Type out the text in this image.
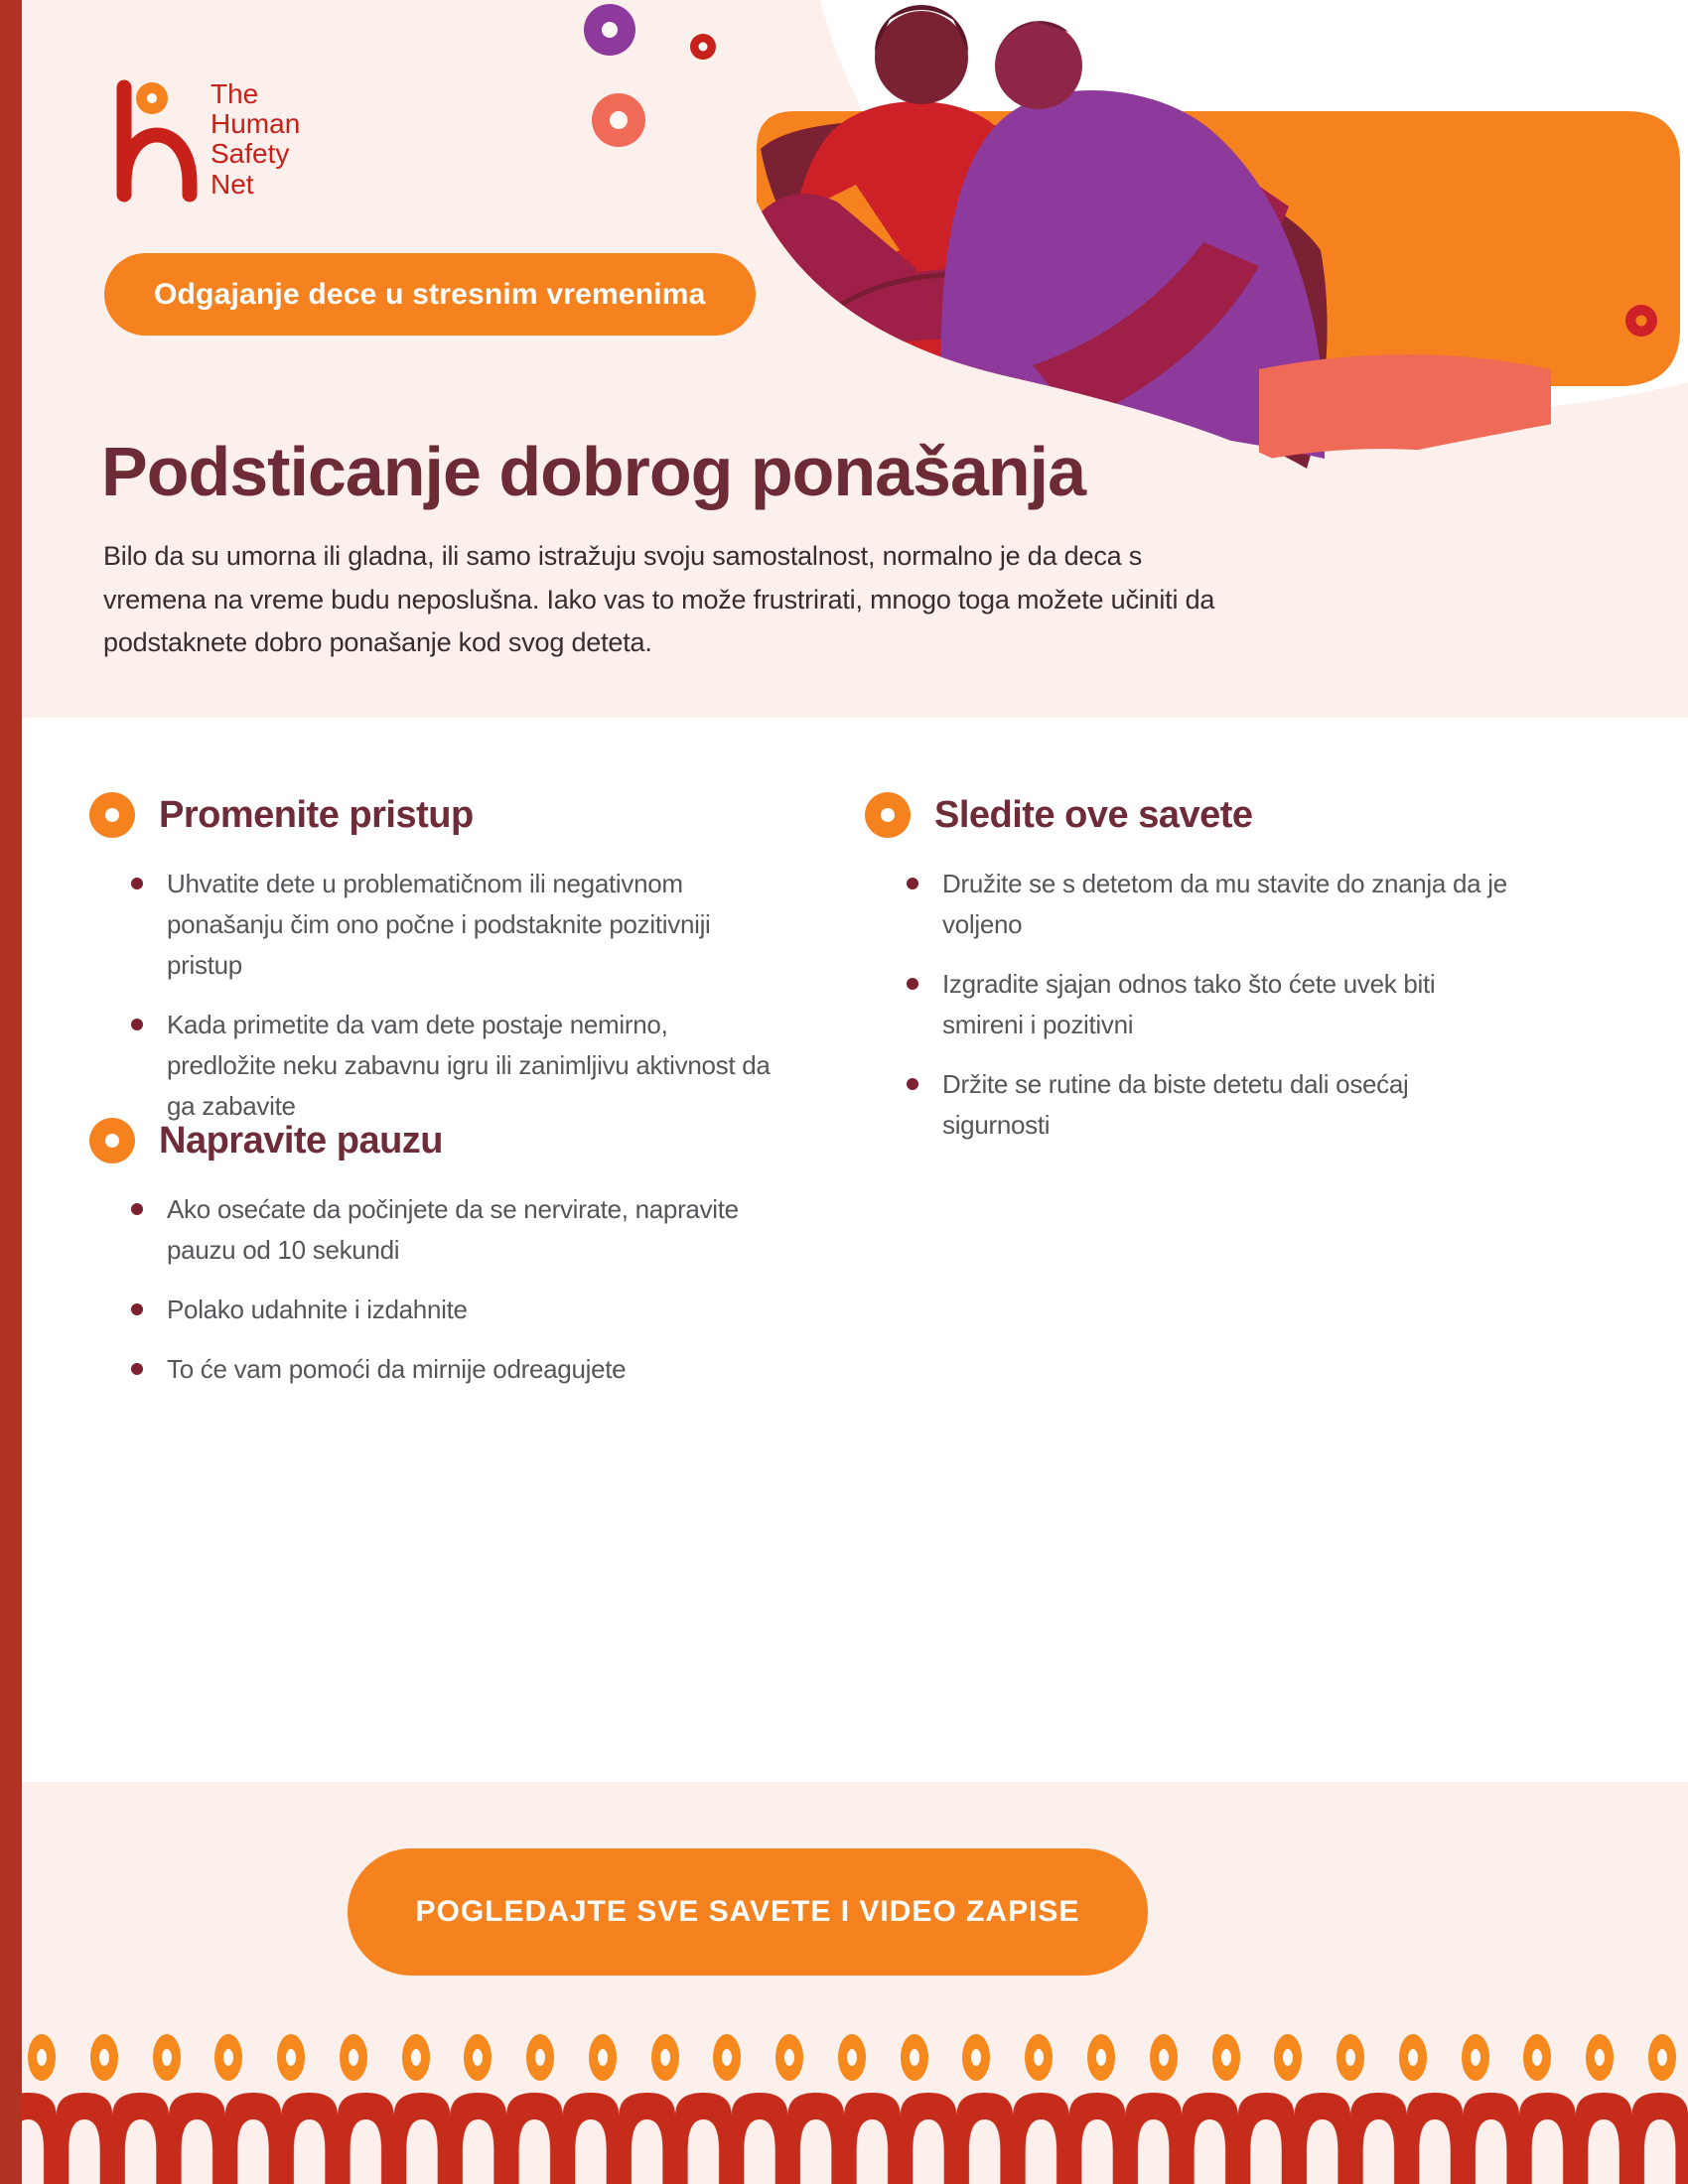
The
Human
Safety
Net
Odgajanje dece u stresnim vremenima
Podsticanje dobrog ponašanja

Bilo da su umorna ili gladna, ili samo istražuju svoju samostalnost, normalno je da deca s vremena na vreme budu neposlušna. Iako vas to može frustrirati, mnogo toga možete učiniti da podstaknete dobro ponašanje kod svog deteta.

Promenite pristup
Uhvatite dete u problematičnom ili negativnom ponašanju čim ono počne i podstaknite pozitivniji pristup
Kada primetite da vam dete postaje nemirno, predložite neku zabavnu igru ili zanimljivu aktivnost da ga zabavite
Sledite ove savete
Družite se s detetom da mu stavite do znanja da je voljeno
Izgradite sjajan odnos tako što ćete uvek biti smireni i pozitivni
Držite se rutine da biste detetu dali osećaj sigurnosti
Napravite pauzu
Ako osećate da počinjete da se nervirate, napravite pauzu od 10 sekundi
Polako udahnite i izdahnite
To će vam pomoći da mirnije odreagujete
POGLEDAJTE SVE SAVETE I VIDEO ZAPISE
